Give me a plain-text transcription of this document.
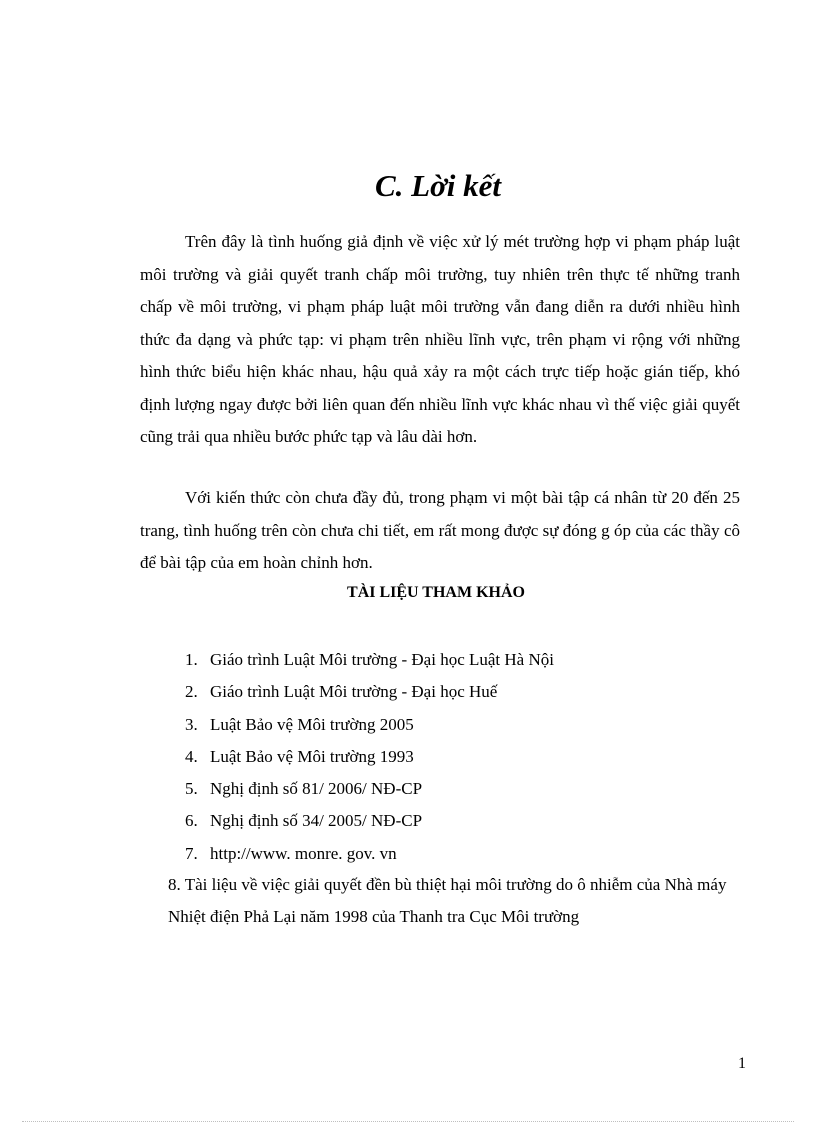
C. Lời kết

Trên đây là tình huống giả định về việc xử lý mét trường hợp vi phạm pháp luật môi trường và giải quyết tranh chấp môi trường, tuy nhiên trên thực tế những tranh chấp về môi trường, vi phạm pháp luật môi trường vẫn đang diễn ra dưới nhiều hình thức đa dạng và phức tạp: vi phạm trên nhiều lĩnh vực, trên phạm vi rộng với những hình thức biểu hiện khác nhau, hậu quả xảy ra một cách trực tiếp hoặc gián tiếp, khó định lượng ngay được bởi liên quan đến nhiều lĩnh vực khác nhau vì thế việc giải quyết cũng trải qua nhiều bước phức tạp và lâu dài hơn.

Với kiến thức còn chưa đầy đủ, trong phạm vi một bài tập cá nhân từ 20 đến 25 trang, tình huống trên còn chưa chi tiết, em rất mong được sự đóng g óp của các thầy cô để bài tập của em hoàn chỉnh hơn.

TÀI LIỆU THAM KHẢO
1. Giáo trình Luật Môi trường - Đại học Luật Hà Nội
2. Giáo trình Luật Môi trường - Đại học Huế
3. Luật Bảo vệ Môi trường 2005
4. Luật Bảo vệ Môi trường 1993
5. Nghị định số 81/ 2006/ NĐ-CP
6. Nghị định số 34/ 2005/ NĐ-CP
7. http://www. monre. gov. vn

8. Tài liệu về việc giải quyết đền bù thiệt hại môi trường do ô nhiễm của Nhà máy Nhiệt điện Phả Lại năm 1998 của Thanh tra Cục Môi trường

1
